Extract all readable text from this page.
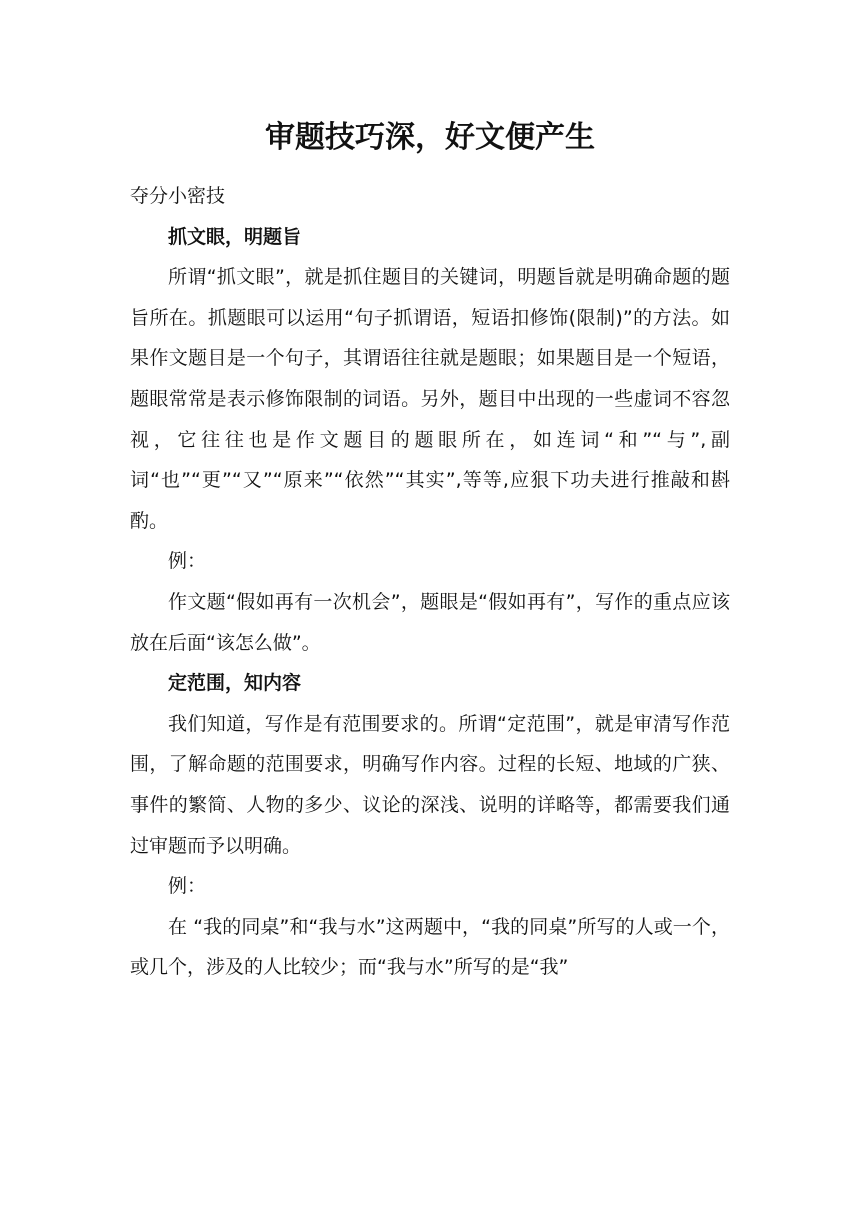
审题技巧深，好文便产生

夺分小密技

抓文眼，明题旨

所谓“抓文眼”，就是抓住题目的关键词，明题旨就是明确命题的题旨所在。抓题眼可以运用“句子抓谓语，短语扣修饰(限制)”的方法。如果作文题目是一个句子，其谓语往往就是题眼；如果题目是一个短语，题眼常常是表示修饰限制的词语。另外，题目中出现的一些虚词不容忽视，它往往也是作文题目的题眼所在，如连词“和”“与”,副词“也”“更”“又”“原来”“依然”“其实”,等等,应狠下功夫进行推敲和斟酌。

例：

作文题“假如再有一次机会”，题眼是“假如再有”，写作的重点应该放在后面“该怎么做”。

定范围，知内容

我们知道，写作是有范围要求的。所谓“定范围”，就是审清写作范围，了解命题的范围要求，明确写作内容。过程的长短、地域的广狭、事件的繁简、人物的多少、议论的深浅、说明的详略等，都需要我们通过审题而予以明确。

例：

在 “我的同桌”和“我与水”这两题中，“我的同桌”所写的人或一个，或几个，涉及的人比较少；而“我与水”所写的是“我”
